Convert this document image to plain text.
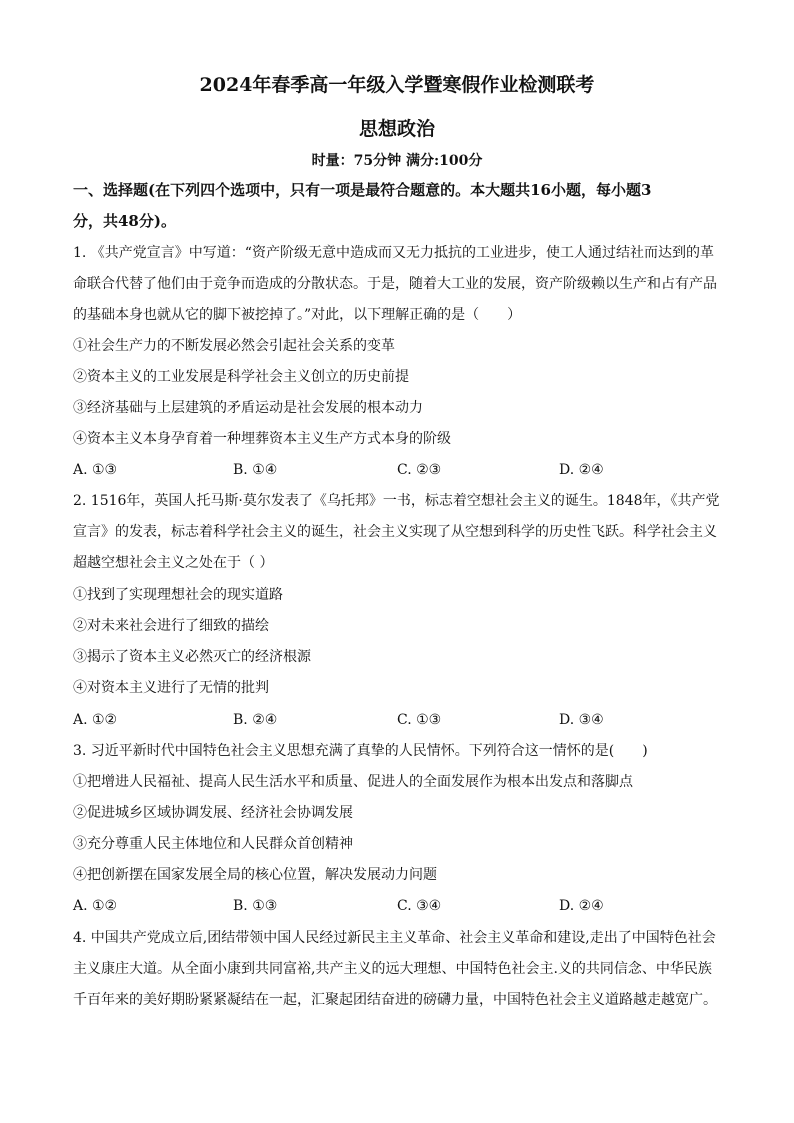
2024年春季高一年级入学暨寒假作业检测联考
思想政治
时量：75分钟 满分:100分
一、选择题(在下列四个选项中，只有一项是最符合题意的。本大题共16小题，每小题3
分，共48分)。
1. 《共产党宣言》中写道：“资产阶级无意中造成而又无力抵抗的工业进步，使工人通过结社而达到的革
命联合代替了他们由于竞争而造成的分散状态。于是，随着大工业的发展，资产阶级赖以生产和占有产品
的基础本身也就从它的脚下被挖掉了。”对此，以下理解正确的是（　　）
①社会生产力的不断发展必然会引起社会关系的变革
②资本主义的工业发展是科学社会主义创立的历史前提
③经济基础与上层建筑的矛盾运动是社会发展的根本动力
④资本主义本身孕育着一种埋葬资本主义生产方式本身的阶级
A. ①③	B. ①④	C. ②③	D. ②④
2. 1516年，英国人托马斯·莫尔发表了《乌托邦》一书，标志着空想社会主义的诞生。1848年，《共产党
宣言》的发表，标志着科学社会主义的诞生，社会主义实现了从空想到科学的历史性飞跃。科学社会主义
超越空想社会主义之处在于（ ）
①找到了实现理想社会的现实道路
②对未来社会进行了细致的描绘
③揭示了资本主义必然灭亡的经济根源
④对资本主义进行了无情的批判
A. ①②	B. ②④	C. ①③	D. ③④
3. 习近平新时代中国特色社会主义思想充满了真挚的人民情怀。下列符合这一情怀的是(　　)
①把增进人民福祉、提高人民生活水平和质量、促进人的全面发展作为根本出发点和落脚点
②促进城乡区域协调发展、经济社会协调发展
③充分尊重人民主体地位和人民群众首创精神
④把创新摆在国家发展全局的核心位置，解决发展动力问题
A. ①②	B. ①③	C. ③④	D. ②④
4. 中国共产党成立后,团结带领中国人民经过新民主主义革命、社会主义革命和建设,走出了中国特色社会
主义康庄大道。从全面小康到共同富裕,共产主义的远大理想、中国特色社会主.义的共同信念、中华民族
千百年来的美好期盼紧紧凝结在一起，汇聚起团结奋进的磅礴力量，中国特色社会主义道路越走越宽广。
